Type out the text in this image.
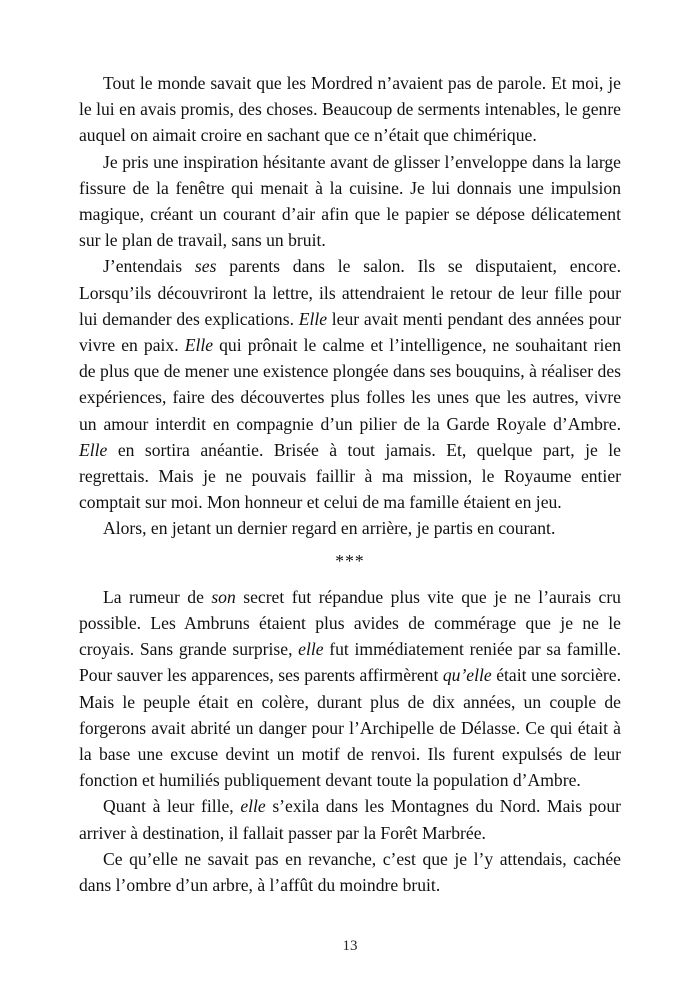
Tout le monde savait que les Mordred n’avaient pas de parole. Et moi, je le lui en avais promis, des choses. Beaucoup de serments intenables, le genre auquel on aimait croire en sachant que ce n’était que chimérique.

Je pris une inspiration hésitante avant de glisser l’enveloppe dans la large fissure de la fenêtre qui menait à la cuisine. Je lui donnais une impulsion magique, créant un courant d’air afin que le papier se dépose délicatement sur le plan de travail, sans un bruit.

J’entendais ses parents dans le salon. Ils se disputaient, encore. Lorsqu’ils découvriront la lettre, ils attendraient le retour de leur fille pour lui demander des explications. Elle leur avait menti pendant des années pour vivre en paix. Elle qui prônait le calme et l’intelligence, ne souhaitant rien de plus que de mener une existence plongée dans ses bouquins, à réaliser des expériences, faire des découvertes plus folles les unes que les autres, vivre un amour interdit en compagnie d’un pilier de la Garde Royale d’Ambre. Elle en sortira anéantie. Brisée à tout jamais. Et, quelque part, je le regrettais. Mais je ne pouvais faillir à ma mission, le Royaume entier comptait sur moi. Mon honneur et celui de ma famille étaient en jeu.

Alors, en jetant un dernier regard en arrière, je partis en courant.

***

La rumeur de son secret fut répandue plus vite que je ne l’aurais cru possible. Les Ambruns étaient plus avides de commérage que je ne le croyais. Sans grande surprise, elle fut immédiatement reniée par sa famille. Pour sauver les apparences, ses parents affirmèrent qu’elle était une sorcière. Mais le peuple était en colère, durant plus de dix années, un couple de forgerons avait abrité un danger pour l’Archipelle de Délasse. Ce qui était à la base une excuse devint un motif de renvoi. Ils furent expulsés de leur fonction et humiliés publiquement devant toute la population d’Ambre.

Quant à leur fille, elle s’exila dans les Montagnes du Nord. Mais pour arriver à destination, il fallait passer par la Forêt Marbrée.

Ce qu’elle ne savait pas en revanche, c’est que je l’y attendais, cachée dans l’ombre d’un arbre, à l’affût du moindre bruit.

13
